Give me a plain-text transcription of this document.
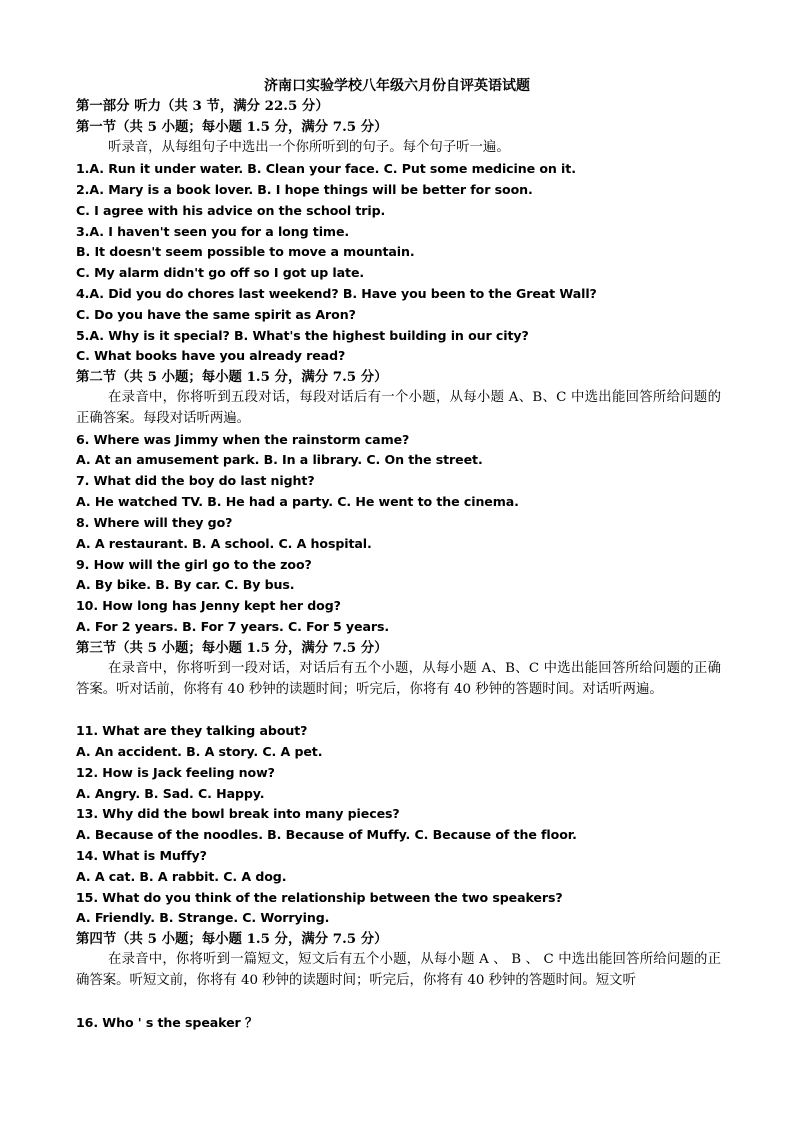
济南口实验学校八年级六月份自评英语试题
第一部分 听力（共 3 节，满分 22.5 分）
第一节（共 5 小题；每小题 1.5 分，满分 7.5 分）
听录音，从每组句子中选出一个你所听到的句子。每个句子听一遍。
1.A. Run it under water. B. Clean your face. C. Put some medicine on it.
2.A. Mary is a book lover. B. I hope things will be better for soon.
C. I agree with his advice on the school trip.
3.A. I haven't seen you for a long time.
B. It doesn't seem possible to move a mountain.
C. My alarm didn't go off so I got up late.
4.A. Did you do chores last weekend? B. Have you been to the Great Wall?
C. Do you have the same spirit as Aron?
5.A. Why is it special? B. What's the highest building in our city?
C. What books have you already read?
第二节（共 5 小题；每小题 1.5 分，满分 7.5 分）
在录音中，你将听到五段对话，每段对话后有一个小题，从每小题 A、B、C 中选出能回答所给问题的正确答案。每段对话听两遍。
6. Where was Jimmy when the rainstorm came?
A. At an amusement park. B. In a library. C. On the street.
7. What did the boy do last night?
A. He watched TV. B. He had a party. C. He went to the cinema.
8. Where will they go?
A. A restaurant. B. A school. C. A hospital.
9. How will the girl go to the zoo?
A. By bike. B. By car. C. By bus.
10. How long has Jenny kept her dog?
A. For 2 years. B. For 7 years. C. For 5 years.
第三节（共 5 小题；每小题 1.5 分，满分 7.5 分）
在录音中，你将听到一段对话，对话后有五个小题，从每小题 A、B、C 中选出能回答所给问题的正确答案。听对话前，你将有 40 秒钟的读题时间；听完后，你将有 40 秒钟的答题时间。对话听两遍。
11. What are they talking about?
A. An accident. B. A story. C. A pet.
12. How is Jack feeling now?
A. Angry. B. Sad. C. Happy.
13. Why did the bowl break into many pieces?
A. Because of the noodles. B. Because of Muffy. C. Because of the floor.
14. What is Muffy?
A. A cat. B. A rabbit. C. A dog.
15. What do you think of the relationship between the two speakers?
A. Friendly. B. Strange. C. Worrying.
第四节（共 5 小题；每小题 1.5 分，满分 7.5 分）
在录音中，你将听到一篇短文，短文后有五个小题，从每小题 A 、 B 、 C 中选出能回答所给问题的正确答案。听短文前，你将有 40 秒钟的读题时间；听完后，你将有 40 秒钟的答题时间。短文听
16. Who ' s the speaker ？
